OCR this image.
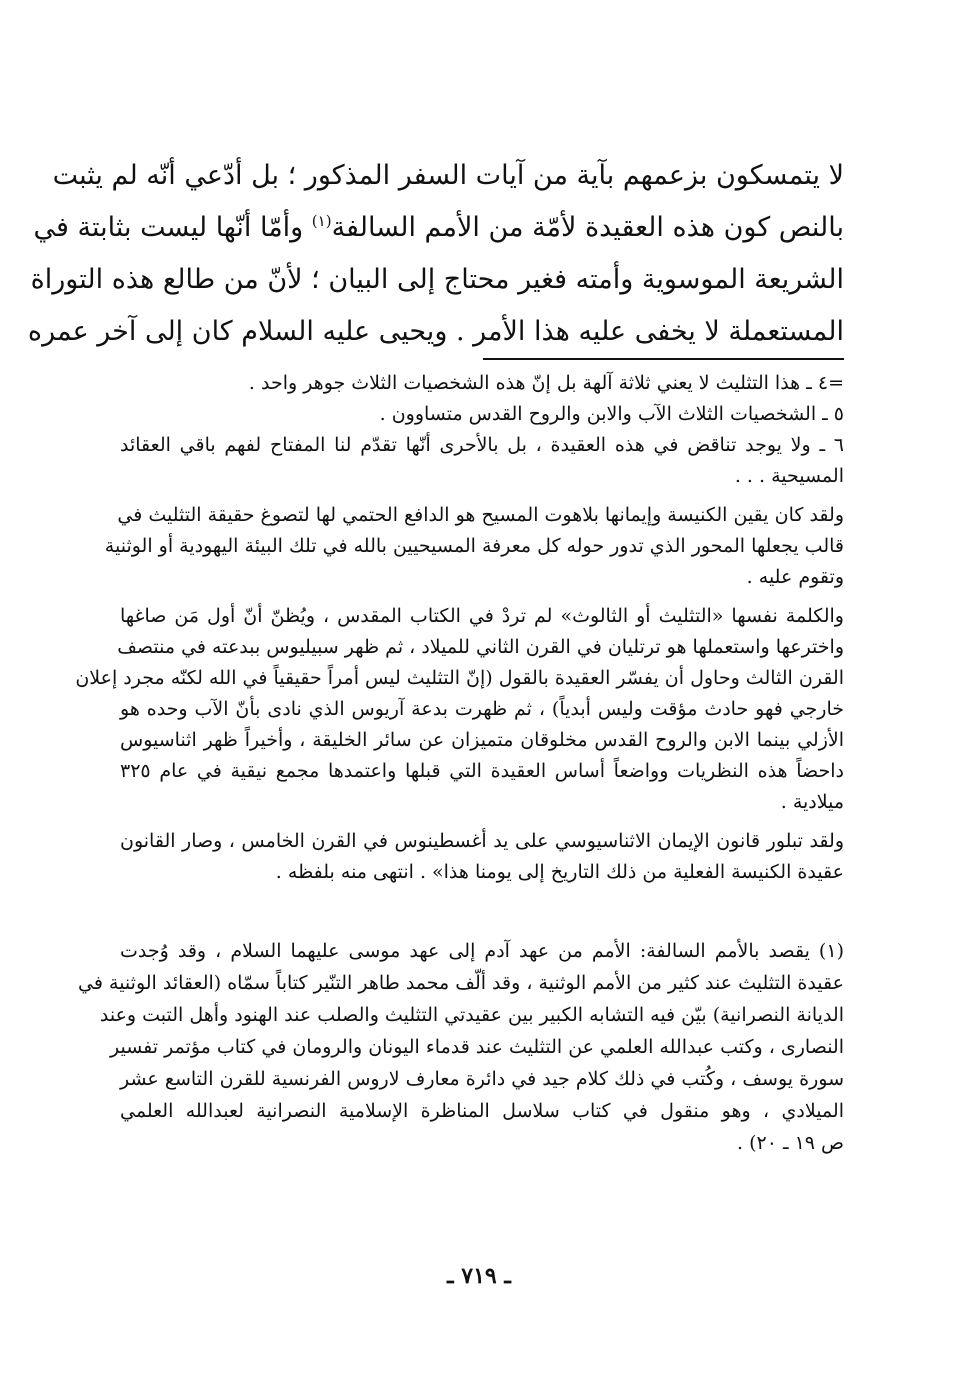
لا يتمسكون بزعمهم بآية من آيات السفر المذكور ؛ بل أدّعي أنّه لم يثبت
بالنص كون هذه العقيدة لأمّة من الأمم السالفة$^{(١)}$ وأمّا أنّها ليست بثابتة في
الشريعة الموسوية وأمته فغير محتاج إلى البيان ؛ لأنّ من طالع هذه التوراة
المستعملة لا يخفى عليه هذا الأمر . ويحيى عليه السلام كان إلى آخر عمره
=٤ ـ هذا التثليث لا يعني ثلاثة آلهة بل إنّ هذه الشخصيات الثلاث جوهر واحد .
٥ ـ الشخصيات الثلاث الآب والابن والروح القدس متساوون .
٦ ـ ولا يوجد تناقض في هذه العقيدة ، بل بالأحرى أنّها تقدّم لنا المفتاح لفهم باقي العقائد
المسيحية . . .
ولقد كان يقين الكنيسة وإيمانها بلاهوت المسيح هو الدافع الحتمي لها لتصوغ حقيقة التثليث في
قالب يجعلها المحور الذي تدور حوله كل معرفة المسيحيين بالله في تلك البيئة اليهودية أو الوثنية
وتقوم عليه .
والكلمة نفسها «التثليث أو الثالوث» لم تردْ في الكتاب المقدس ، ويُظنّ أنّ أول مَن صاغها
واخترعها واستعملها هو ترتليان في القرن الثاني للميلاد ، ثم ظهر سبيليوس ببدعته في منتصف
القرن الثالث وحاول أن يفسّر العقيدة بالقول (إنّ التثليث ليس أمراً حقيقياً في الله لكنّه مجرد إعلان
خارجي فهو حادث مؤقت وليس أبدياً) ، ثم ظهرت بدعة آريوس الذي نادى بأنّ الآب وحده هو
الأزلي بينما الابن والروح القدس مخلوقان متميزان عن سائر الخليقة ، وأخيراً ظهر اثناسيوس
داحضاً هذه النظريات وواضعاً أساس العقيدة التي قبلها واعتمدها مجمع نيقية في عام ٣٢٥
ميلادية .
ولقد تبلور قانون الإيمان الاثناسيوسي على يد أغسطينوس في القرن الخامس ، وصار القانون
عقيدة الكنيسة الفعلية من ذلك التاريخ إلى يومنا هذا» . انتهى منه بلفظه .
(١) يقصد بالأمم السالفة: الأمم من عهد آدم إلى عهد موسى عليهما السلام ، وقد وُجدت
عقيدة التثليث عند كثير من الأمم الوثنية ، وقد ألّف محمد طاهر التنّير كتاباً سمّاه (العقائد الوثنية في
الديانة النصرانية) بيّن فيه التشابه الكبير بين عقيدتي التثليث والصلب عند الهنود وأهل التبت وعند
النصارى ، وكتب عبدالله العلمي عن التثليث عند قدماء اليونان والرومان في كتاب مؤتمر تفسير
سورة يوسف ، وكُتب في ذلك كلام جيد في دائرة معارف لاروس الفرنسية للقرن التاسع عشر
الميلادي ، وهو منقول في كتاب سلاسل المناظرة الإسلامية النصرانية لعبدالله العلمي
ص ١٩ ـ ٢٠) .
ـ ٧١٩ ـ
